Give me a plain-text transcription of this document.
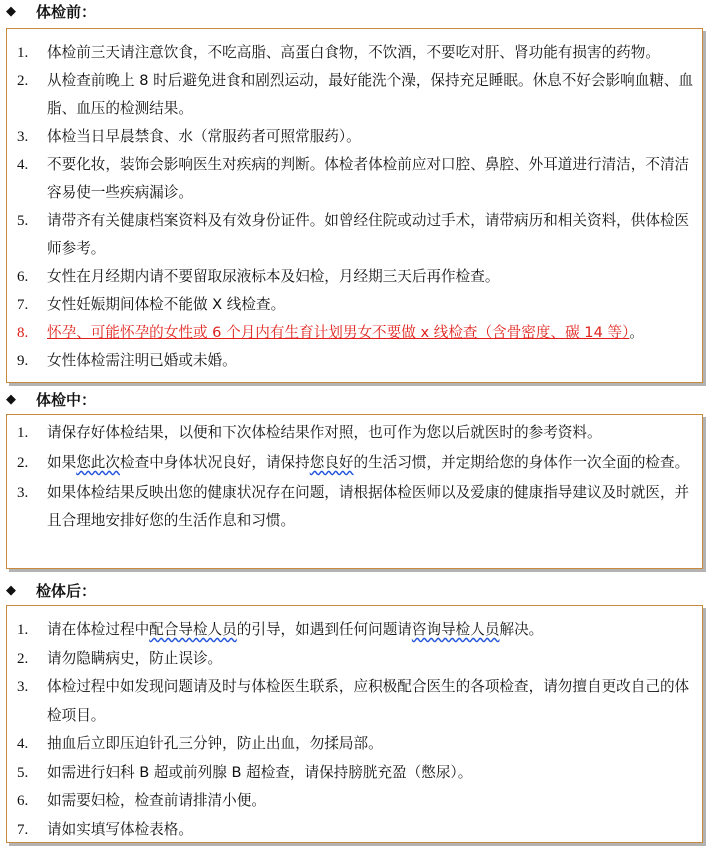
◆	体检前：
1.	体检前三天请注意饮食，不吃高脂、高蛋白食物，不饮酒，不要吃对肝、肾功能有损害的药物。
2.	从检查前晚上 8 时后避免进食和剧烈运动，最好能洗个澡，保持充足睡眠。休息不好会影响血糖、血脂、血压的检测结果。
3.	体检当日早晨禁食、水（常服药者可照常服药）。
4.	不要化妆，装饰会影响医生对疾病的判断。体检者体检前应对口腔、鼻腔、外耳道进行清洁，不清洁容易使一些疾病漏诊。
5.	请带齐有关健康档案资料及有效身份证件。如曾经住院或动过手术，请带病历和相关资料，供体检医师参考。
6.	女性在月经期内请不要留取尿液标本及妇检，月经期三天后再作检查。
7.	女性妊娠期间体检不能做 X 线检查。
8.	怀孕、可能怀孕的女性或 6 个月内有生育计划男女不要做 x 线检查（含骨密度、碳 14 等）。
9.	女性体检需注明已婚或未婚。
◆	体检中：
1.	请保存好体检结果，以便和下次体检结果作对照，也可作为您以后就医时的参考资料。
2.	如果您此次检查中身体状况良好，请保持您良好的生活习惯，并定期给您的身体作一次全面的检查。
3.	如果体检结果反映出您的健康状况存在问题，请根据体检医师以及爱康的健康指导建议及时就医，并且合理地安排好您的生活作息和习惯。
◆	检体后：
1.	请在体检过程中配合导检人员的引导，如遇到任何问题请咨询导检人员解决。
2.	请勿隐瞒病史，防止误诊。
3.	体检过程中如发现问题请及时与体检医生联系，应积极配合医生的各项检查，请勿擅自更改自己的体检项目。
4.	抽血后立即压迫针孔三分钟，防止出血，勿揉局部。
5.	如需进行妇科 B 超或前列腺 B 超检查，请保持膀胱充盈（憋尿）。
6.	如需要妇检，检查前请排清小便。
7.	请如实填写体检表格。
